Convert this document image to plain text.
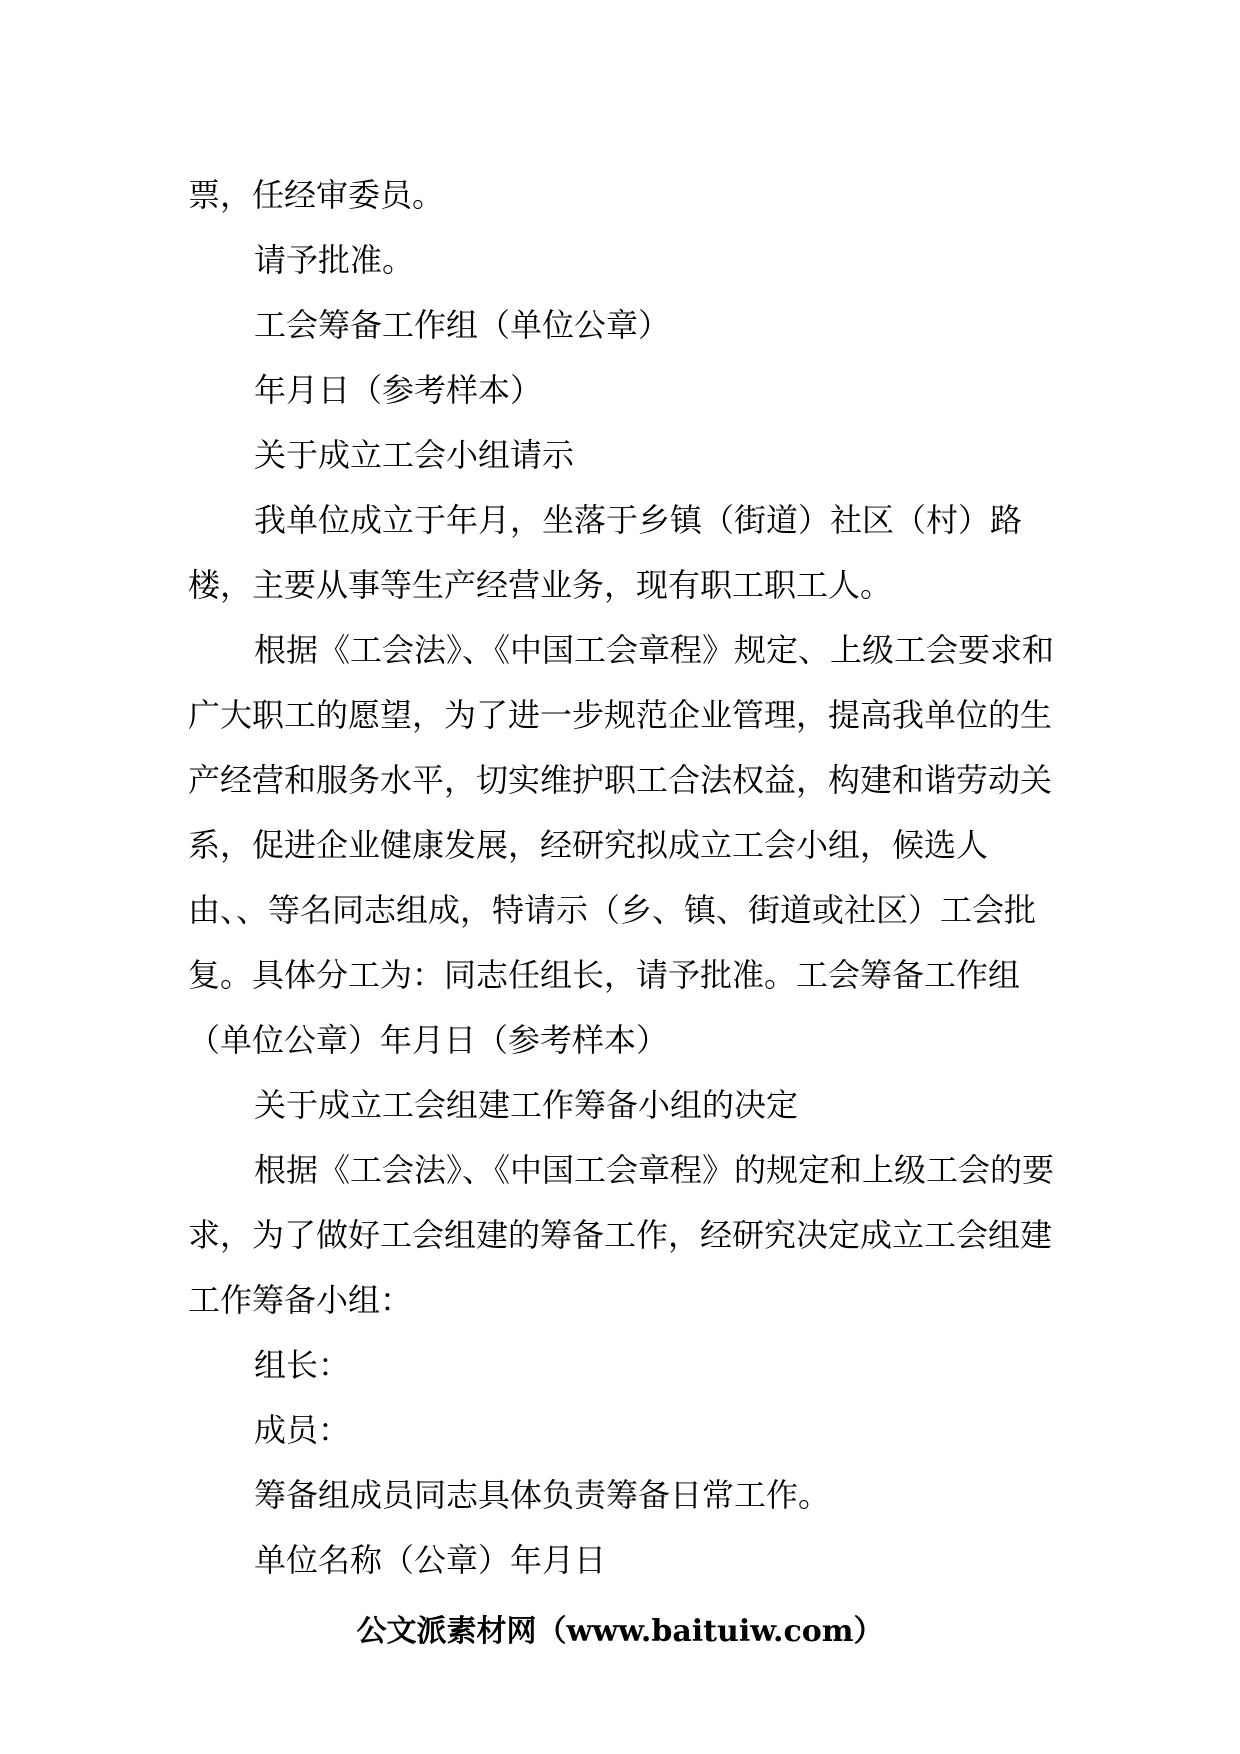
票，任经审委员。

请予批准。

工会筹备工作组（单位公章）

年月日（参考样本）

关于成立工会小组请示

我单位成立于年月，坐落于乡镇（街道）社区（村）路楼，主要从事等生产经营业务，现有职工职工人。

根据《工会法》、《中国工会章程》规定、上级工会要求和广大职工的愿望，为了进一步规范企业管理，提高我单位的生产经营和服务水平，切实维护职工合法权益，构建和谐劳动关系，促进企业健康发展，经研究拟成立工会小组，候选人由、、等名同志组成，特请示（乡、镇、街道或社区）工会批复。具体分工为：同志任组长，请予批准。工会筹备工作组（单位公章）年月日（参考样本）

关于成立工会组建工作筹备小组的决定

根据《工会法》、《中国工会章程》的规定和上级工会的要求，为了做好工会组建的筹备工作，经研究决定成立工会组建工作筹备小组：

组长：

成员：

筹备组成员同志具体负责筹备日常工作。

单位名称（公章）年月日

公文派素材网（www.baituiw.com）
